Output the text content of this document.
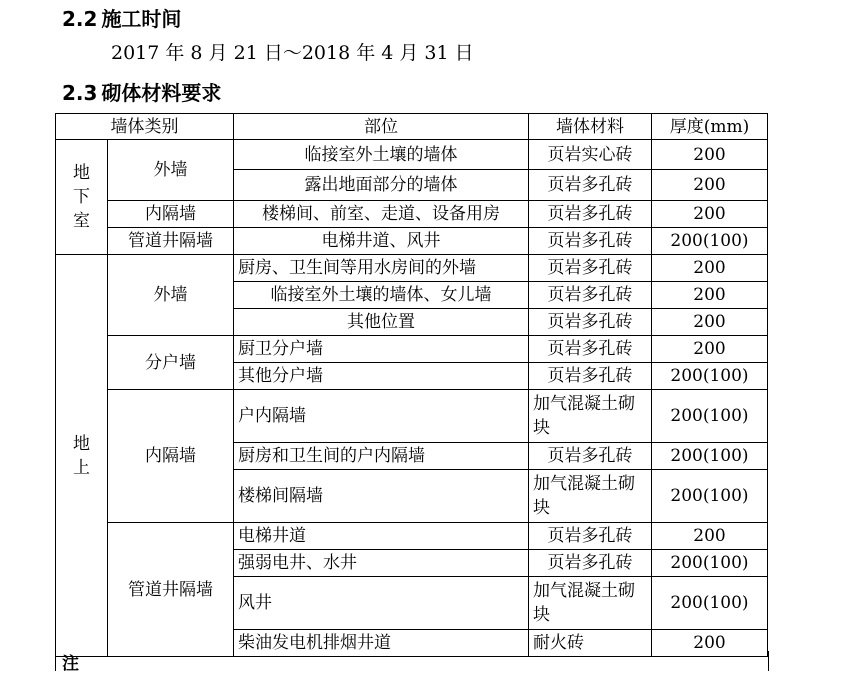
2.2 施工时间
2017 年 8 月 21 日～2018 年 4 月 31 日
2.3 砌体材料要求
墙体类别		部位	墙体材料	厚度(mm)
地下室	外墙	临接室外土壤的墙体	页岩实心砖	200
		露出地面部分的墙体	页岩多孔砖	200
	内隔墙	楼梯间、前室、走道、设备用房	页岩多孔砖	200
	管道井隔墙	电梯井道、风井	页岩多孔砖	200(100)
地上	外墙	厨房、卫生间等用水房间的外墙	页岩多孔砖	200
		临接室外土壤的墙体、女儿墙	页岩多孔砖	200
		其他位置	页岩多孔砖	200
	分户墙	厨卫分户墙	页岩多孔砖	200
		其他分户墙	页岩多孔砖	200(100)
	内隔墙	户内隔墙	加气混凝土砌块	200(100)
		厨房和卫生间的户内隔墙	页岩多孔砖	200(100)
		楼梯间隔墙	加气混凝土砌块	200(100)
	管道井隔墙	电梯井道	页岩多孔砖	200
		强弱电井、水井	页岩多孔砖	200(100)
		风井	加气混凝土砌块	200(100)
		柴油发电机排烟井道	耐火砖	200
注
